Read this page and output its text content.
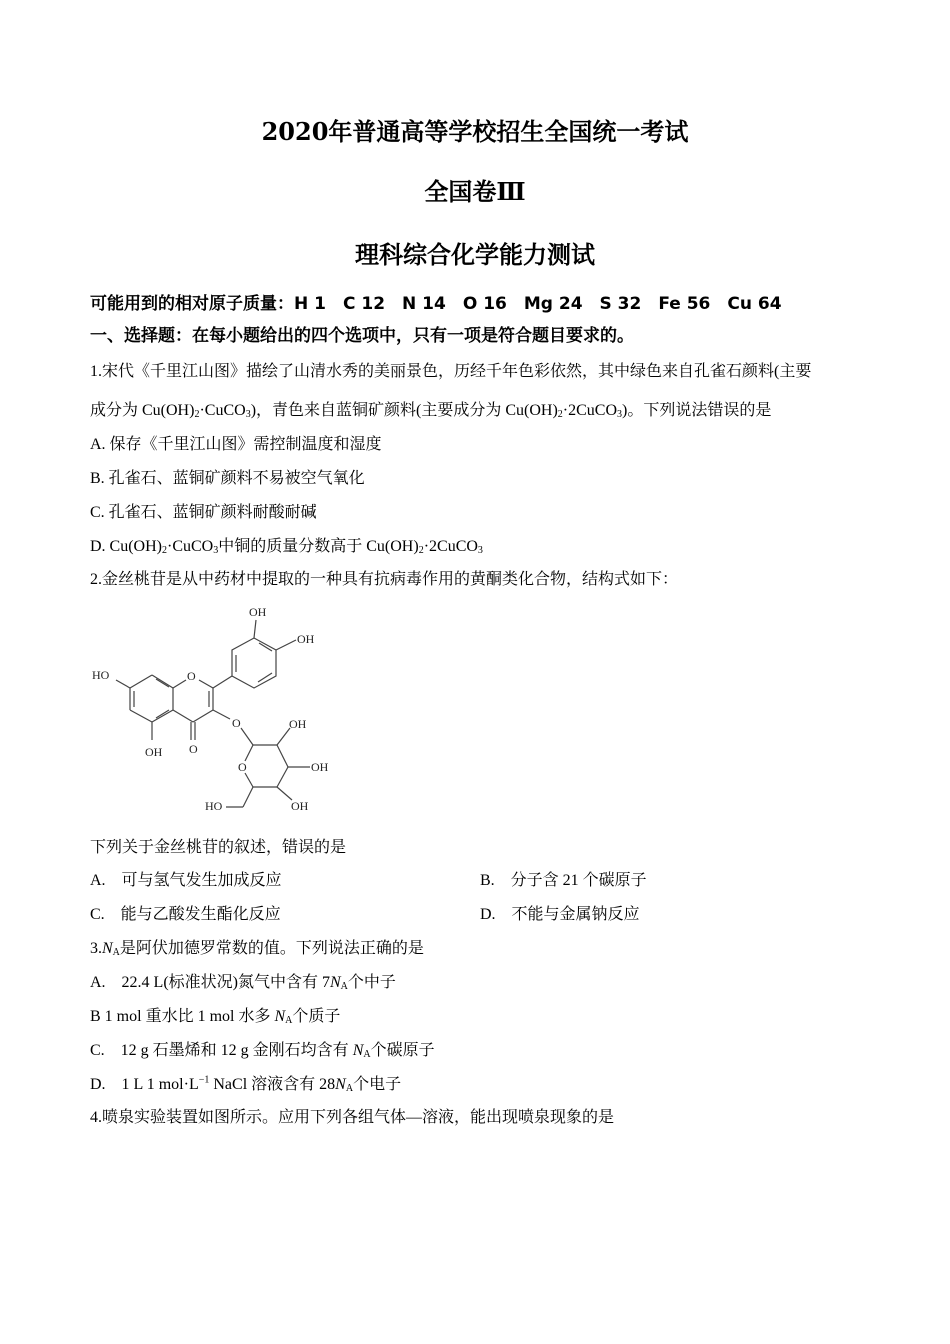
2020年普通高等学校招生全国统一考试
全国卷Ⅲ
理科综合化学能力测试
可能用到的相对原子质量：H 1　C 12　N 14　O 16　Mg 24　S 32　Fe 56　Cu 64
一、选择题：在每小题给出的四个选项中，只有一项是符合题目要求的。
1.宋代《千里江山图》描绘了山清水秀的美丽景色，历经千年色彩依然，其中绿色来自孔雀石颜料(主要
成分为 $Cu(OH)_2\cdot CuCO_3$)，青色来自蓝铜矿颜料(主要成分为 $Cu(OH)_2\cdot 2CuCO_3$)。下列说法错误的是
A. 保存《千里江山图》需控制温度和湿度
B. 孔雀石、蓝铜矿颜料不易被空气氧化
C. 孔雀石、蓝铜矿颜料耐酸耐碱
D. $Cu(OH)_2\cdot CuCO_3$中铜的质量分数高于 $Cu(OH)_2\cdot 2CuCO_3$
2.金丝桃苷是从中药材中提取的一种具有抗病毒作用的黄酮类化合物，结构式如下：
OH
OH
O
HO
OH O
O	OH
O	OH
OH
HO
下列关于金丝桃苷的叙述，错误的是
A.　可与氢气发生加成反应	B.　分子含 21 个碳原子
C.　能与乙酸发生酯化反应	D.　不能与金属钠反应
$3.N_A$是阿伏加德罗常数的值。下列说法正确的是
A.　22.4 L(标准状况)氮气中含有 $7N_A$个中子
B 1 mol 重水比 1 mol 水多 $N_A$个质子
C.　12 g 石墨烯和 12 g 金刚石均含有 $N_A$个碳原子
D.　1 L 1 $mol\cdot L^{-1}$ NaCl 溶液含有 $28N_A$个电子
4.喷泉实验装置如图所示。应用下列各组气体—溶液，能出现喷泉现象的是
